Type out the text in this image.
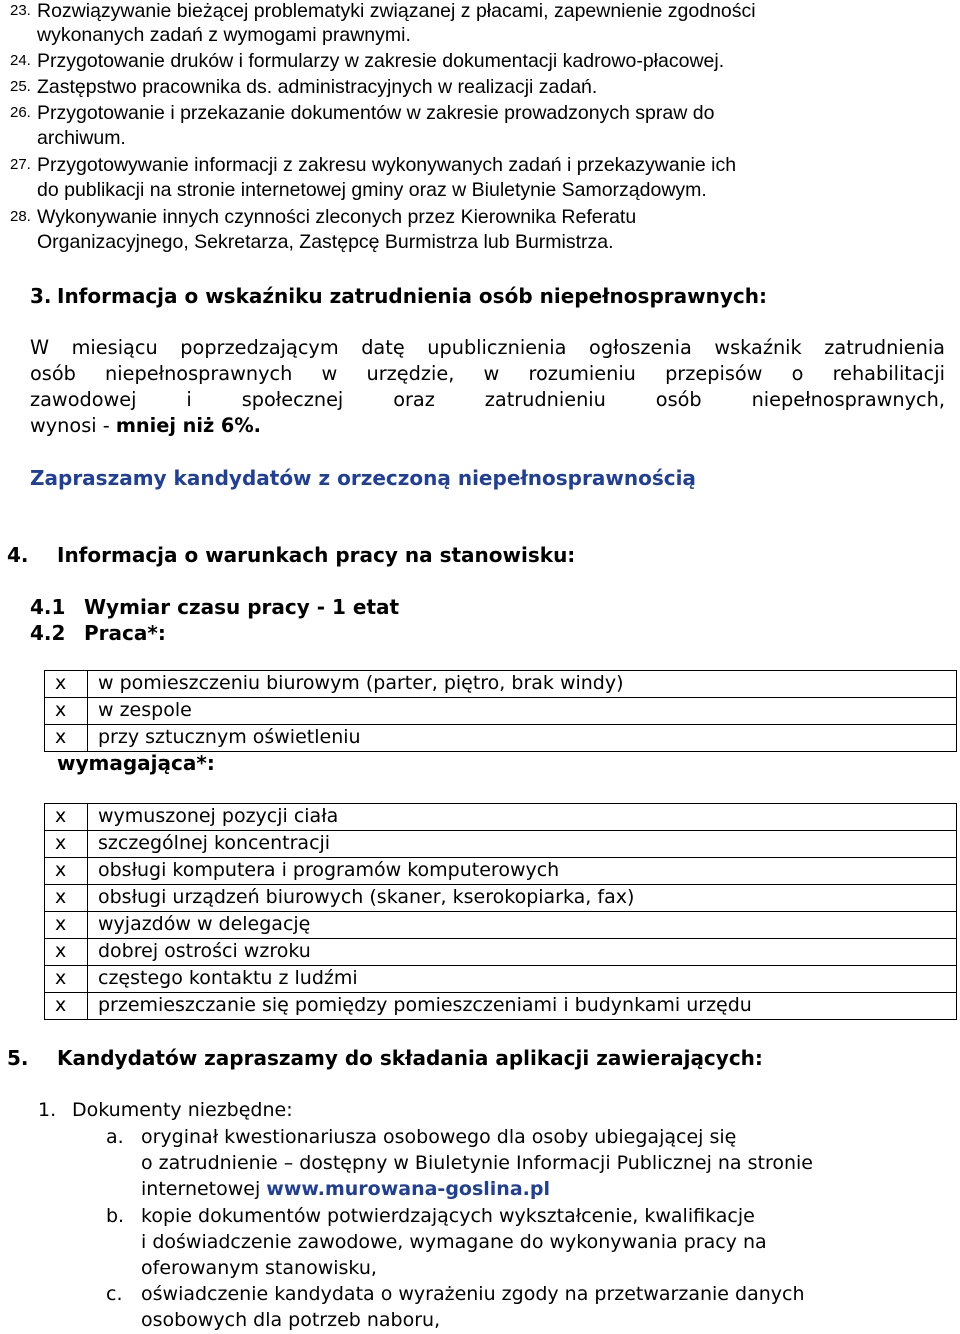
23. Rozwiązywanie bieżącej problematyki związanej z płacami, zapewnienie zgodności
wykonanych zadań z wymogami prawnymi.
24. Przygotowanie druków i formularzy w zakresie dokumentacji kadrowo-płacowej.
25. Zastępstwo pracownika ds. administracyjnych w realizacji zadań.
26. Przygotowanie i przekazanie dokumentów w zakresie prowadzonych spraw do
archiwum.
27. Przygotowywanie informacji z zakresu wykonywanych zadań i przekazywanie ich
do publikacji na stronie internetowej gminy oraz w Biuletynie Samorządowym.
28. Wykonywanie innych czynności zleconych przez Kierownika Referatu
Organizacyjnego, Sekretarza, Zastępcę Burmistrza lub Burmistrza.
3. Informacja o wskaźniku zatrudnienia osób niepełnosprawnych:
W miesiącu poprzedzającym datę upublicznienia ogłoszenia wskaźnik zatrudnienia
osób niepełnosprawnych w urzędzie, w rozumieniu przepisów o rehabilitacji
zawodowej i społecznej oraz zatrudnieniu osób niepełnosprawnych,
wynosi - mniej niż 6%.
Zapraszamy kandydatów z orzeczoną niepełnosprawnością
4. Informacja o warunkach pracy na stanowisku:
4.1 Wymiar czasu pracy - 1 etat
4.2 Praca*:
x	w pomieszczeniu biurowym (parter, piętro, brak windy)
x	w zespole
x	przy sztucznym oświetleniu
wymagająca*:
x	wymuszonej pozycji ciała
x	szczególnej koncentracji
x	obsługi komputera i programów komputerowych
x	obsługi urządzeń biurowych (skaner, kserokopiarka, fax)
x	wyjazdów w delegację
x	dobrej ostrości wzroku
x	częstego kontaktu z ludźmi
x	przemieszczanie się pomiędzy pomieszczeniami i budynkami urzędu
5. Kandydatów zapraszamy do składania aplikacji zawierających:
1. Dokumenty niezbędne:
a. oryginał kwestionariusza osobowego dla osoby ubiegającej się
o zatrudnienie – dostępny w Biuletynie Informacji Publicznej na stronie
internetowej www.murowana-goslina.pl
b. kopie dokumentów potwierdzających wykształcenie, kwalifikacje
i doświadczenie zawodowe, wymagane do wykonywania pracy na
oferowanym stanowisku,
c. oświadczenie kandydata o wyrażeniu zgody na przetwarzanie danych
osobowych dla potrzeb naboru,
